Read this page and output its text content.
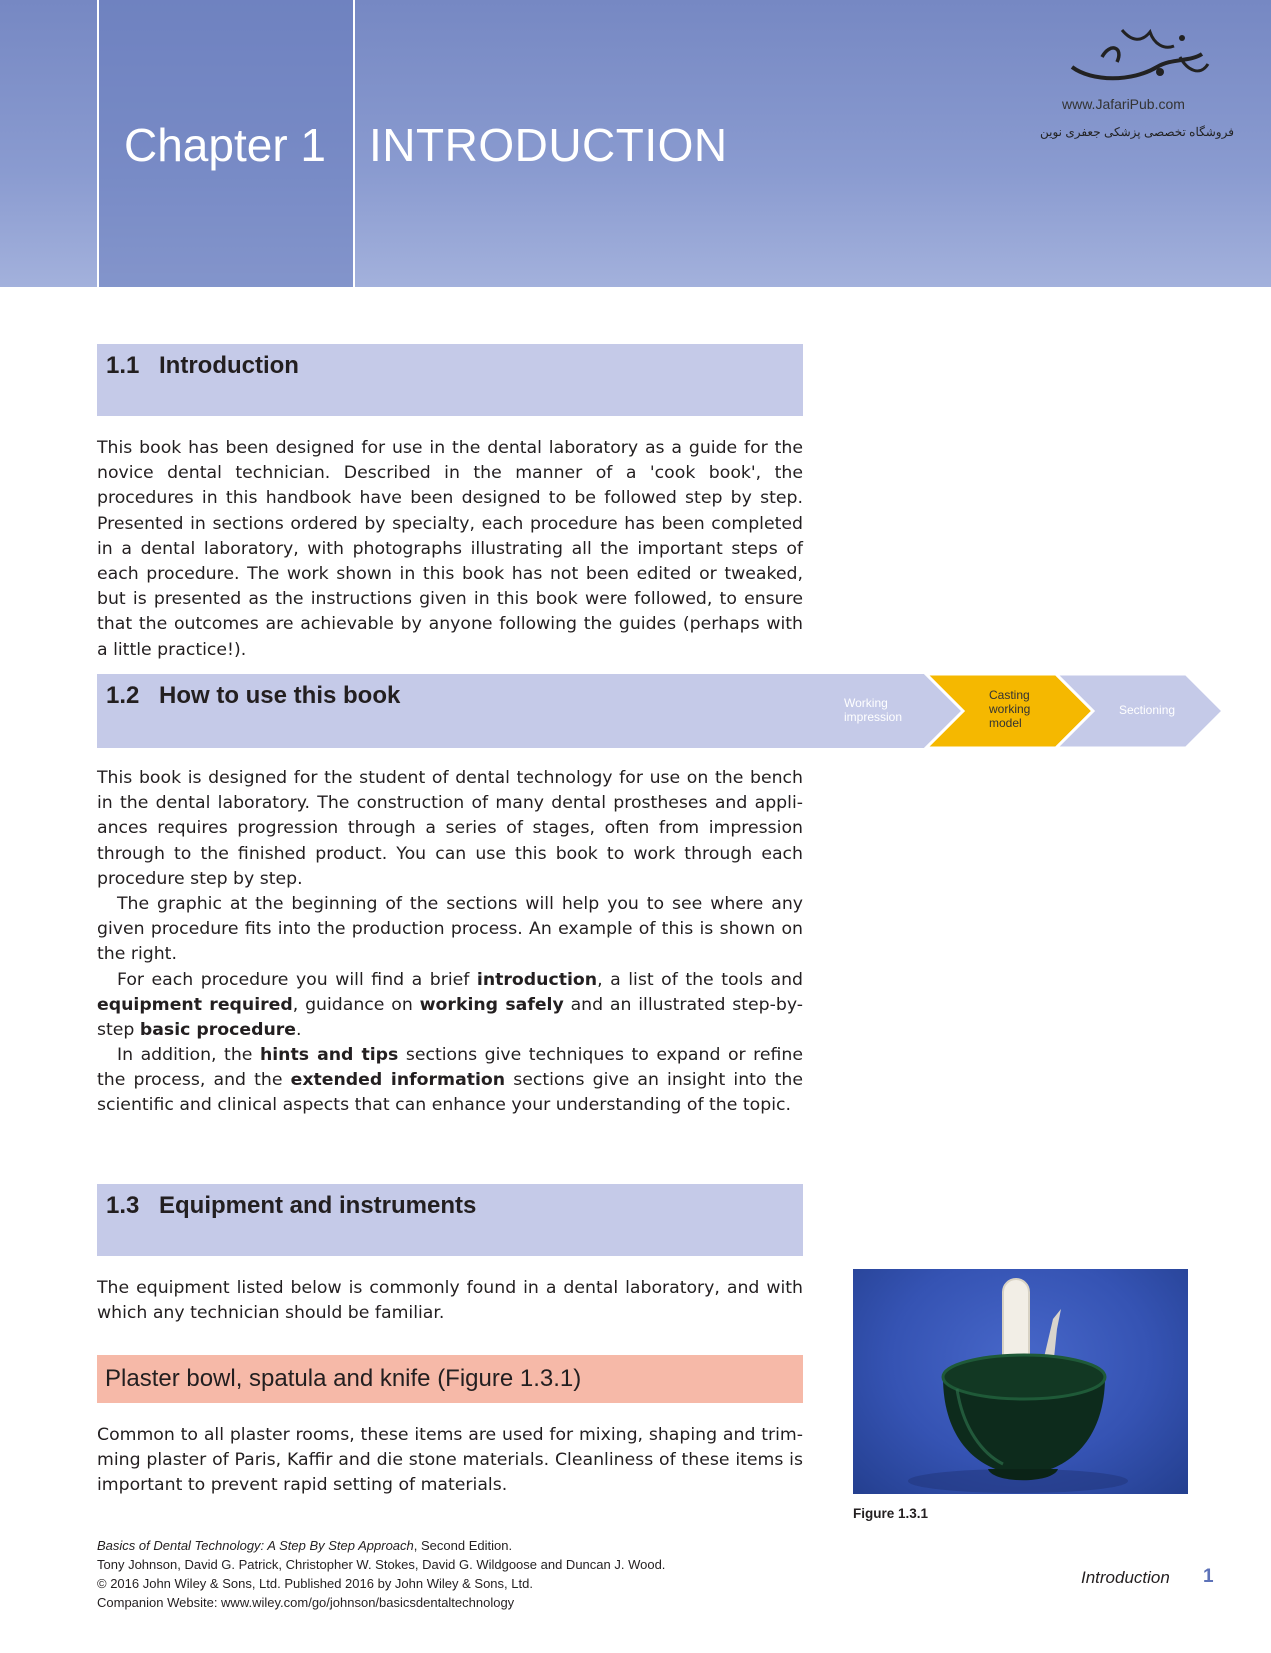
Chapter 1 INTRODUCTION
www.JafariPub.com
فروشگاه تخصصی پزشکی جعفری نوین
1.1 Introduction

This book has been designed for use in the dental laboratory as a guide for the novice dental technician. Described in the manner of a 'cook book', the procedures in this handbook have been designed to be followed step by step. Presented in sections ordered by specialty, each procedure has been completed in a dental laboratory, with photographs illustrating all the important steps of each procedure. The work shown in this book has not been edited or tweaked, but is presented as the instructions given in this book were followed, to ensure that the outcomes are achievable by anyone following the guides (perhaps with a little practice!).

1.2 How to use this book	Working impression
Casting working model
Sectioning

This book is designed for the student of dental technology for use on the bench in the dental laboratory. The construction of many dental prostheses and appli-ances requires progression through a series of stages, often from impression through to the finished product. You can use this book to work through each procedure step by step.

The graphic at the beginning of the sections will help you to see where any given procedure fits into the production process. An example of this is shown on the right.

For each procedure you will find a brief introduction, a list of the tools and equipment required, guidance on working safely and an illustrated step-by-step basic procedure.

In addition, the hints and tips sections give techniques to expand or refine the process, and the extended information sections give an insight into the scientific and clinical aspects that can enhance your understanding of the topic.

1.3 Equipment and instruments

The equipment listed below is commonly found in a dental laboratory, and with which any technician should be familiar.

Plaster bowl, spatula and knife (Figure 1.3.1)

Common to all plaster rooms, these items are used for mixing, shaping and trim-ming plaster of Paris, Kaffir and die stone materials. Cleanliness of these items is important to prevent rapid setting of materials.

Figure 1.3.1
Basics of Dental Technology: A Step By Step Approach, Second Edition.
Tony Johnson, David G. Patrick, Christopher W. Stokes, David G. Wildgoose and Duncan J. Wood.
© 2016 John Wiley & Sons, Ltd. Published 2016 by John Wiley & Sons, Ltd.
Companion Website: www.wiley.com/go/johnson/basicsdentaltechnology
Introduction 1
